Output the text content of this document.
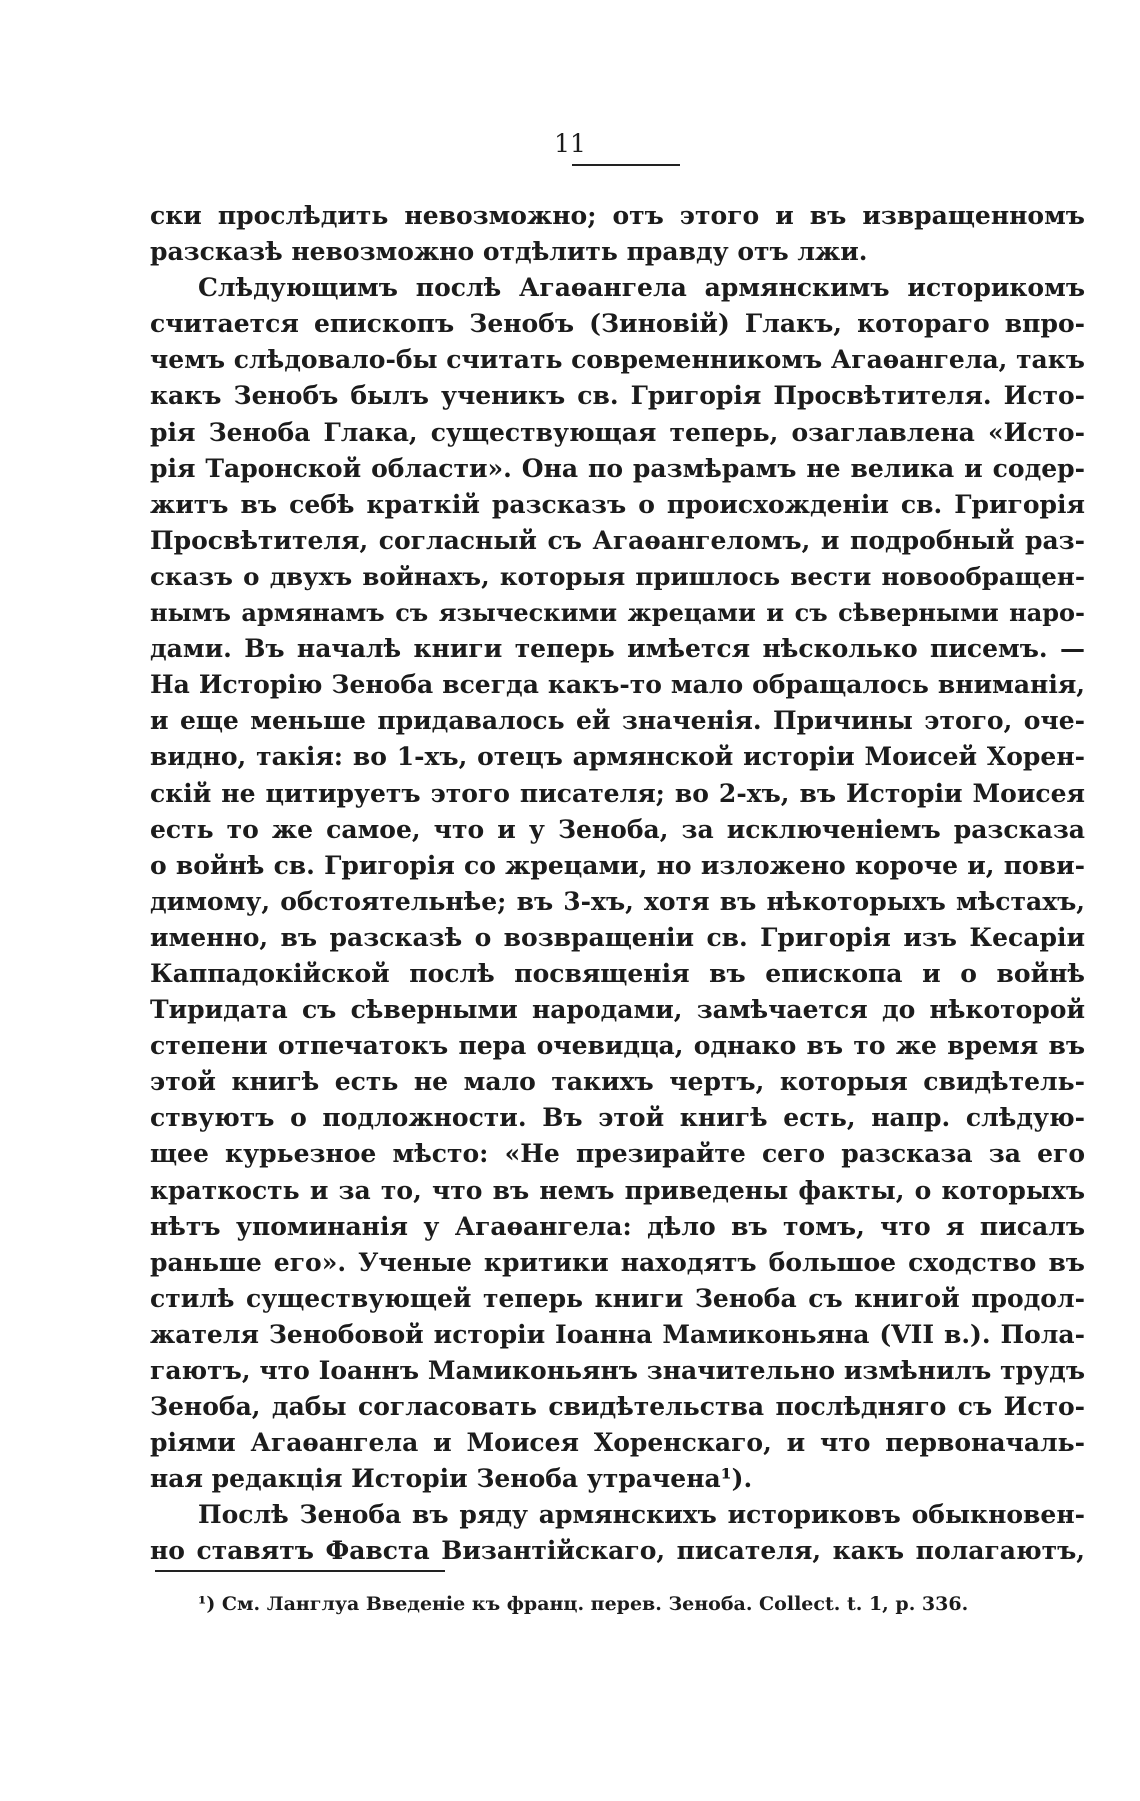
11
ски прослѣдить невозможно; отъ этого и въ извращенномъ
разсказѣ невозможно отдѣлить правду отъ лжи.
Слѣдующимъ послѣ Агаѳангела армянскимъ историкомъ
считается епископъ Зенобъ (Зиновій) Глакъ, котораго впро-
чемъ слѣдовало-бы считать современникомъ Агаѳангела, такъ
какъ Зенобъ былъ ученикъ св. Григорія Просвѣтителя. Исто-
рія Зеноба Глака, существующая теперь, озаглавлена «Исто-
рія Таронской области». Она по размѣрамъ не велика и содер-
житъ въ себѣ краткій разсказъ о происхожденіи св. Григорія
Просвѣтителя, согласный съ Агаѳангеломъ, и подробный раз-
сказъ о двухъ войнахъ, которыя пришлось вести новообращен-
нымъ армянамъ съ языческими жрецами и съ сѣверными наро-
дами. Въ началѣ книги теперь имѣется нѣсколько писемъ. —
На Исторію Зеноба всегда какъ-то мало обращалось вниманія,
и еще меньше придавалось ей значенія. Причины этого, оче-
видно, такія: во 1-хъ, отецъ армянской исторіи Моисей Хорен-
скій не цитируетъ этого писателя; во 2-хъ, въ Исторіи Моисея
есть то же самое, что и у Зеноба, за исключеніемъ разсказа
о войнѣ св. Григорія со жрецами, но изложено короче и, пови-
димому, обстоятельнѣе; въ 3-хъ, хотя въ нѣкоторыхъ мѣстахъ,
именно, въ разсказѣ о возвращеніи св. Григорія изъ Кесаріи
Каппадокійской послѣ посвященія въ епископа и о войнѣ
Тиридата съ сѣверными народами, замѣчается до нѣкоторой
степени отпечатокъ пера очевидца, однако въ то же время въ
этой книгѣ есть не мало такихъ чертъ, которыя свидѣтель-
ствуютъ о подложности. Въ этой книгѣ есть, напр. слѣдую-
щее курьезное мѣсто: «Не презирайте сего разсказа за его
краткость и за то, что въ немъ приведены факты, о которыхъ
нѣтъ упоминанія у Агаѳангела: дѣло въ томъ, что я писалъ
раньше его». Ученые критики находятъ большое сходство въ
стилѣ существующей теперь книги Зеноба съ книгой продол-
жателя Зенобовой исторіи Іоанна Мамиконьяна (VII в.). Пола-
гаютъ, что Іоаннъ Мамиконьянъ значительно измѣнилъ трудъ
Зеноба, дабы согласовать свидѣтельства послѣдняго съ Исто-
ріями Агаѳангела и Моисея Хоренскаго, и что первоначаль-
ная редакція Исторіи Зеноба утрачена¹).
Послѣ Зеноба въ ряду армянскихъ историковъ обыкновен-
но ставятъ Фавста Византійскаго, писателя, какъ полагаютъ,
¹) См. Ланглуа Введеніе къ франц. перев. Зеноба. Collect. t. 1, p. 336.
